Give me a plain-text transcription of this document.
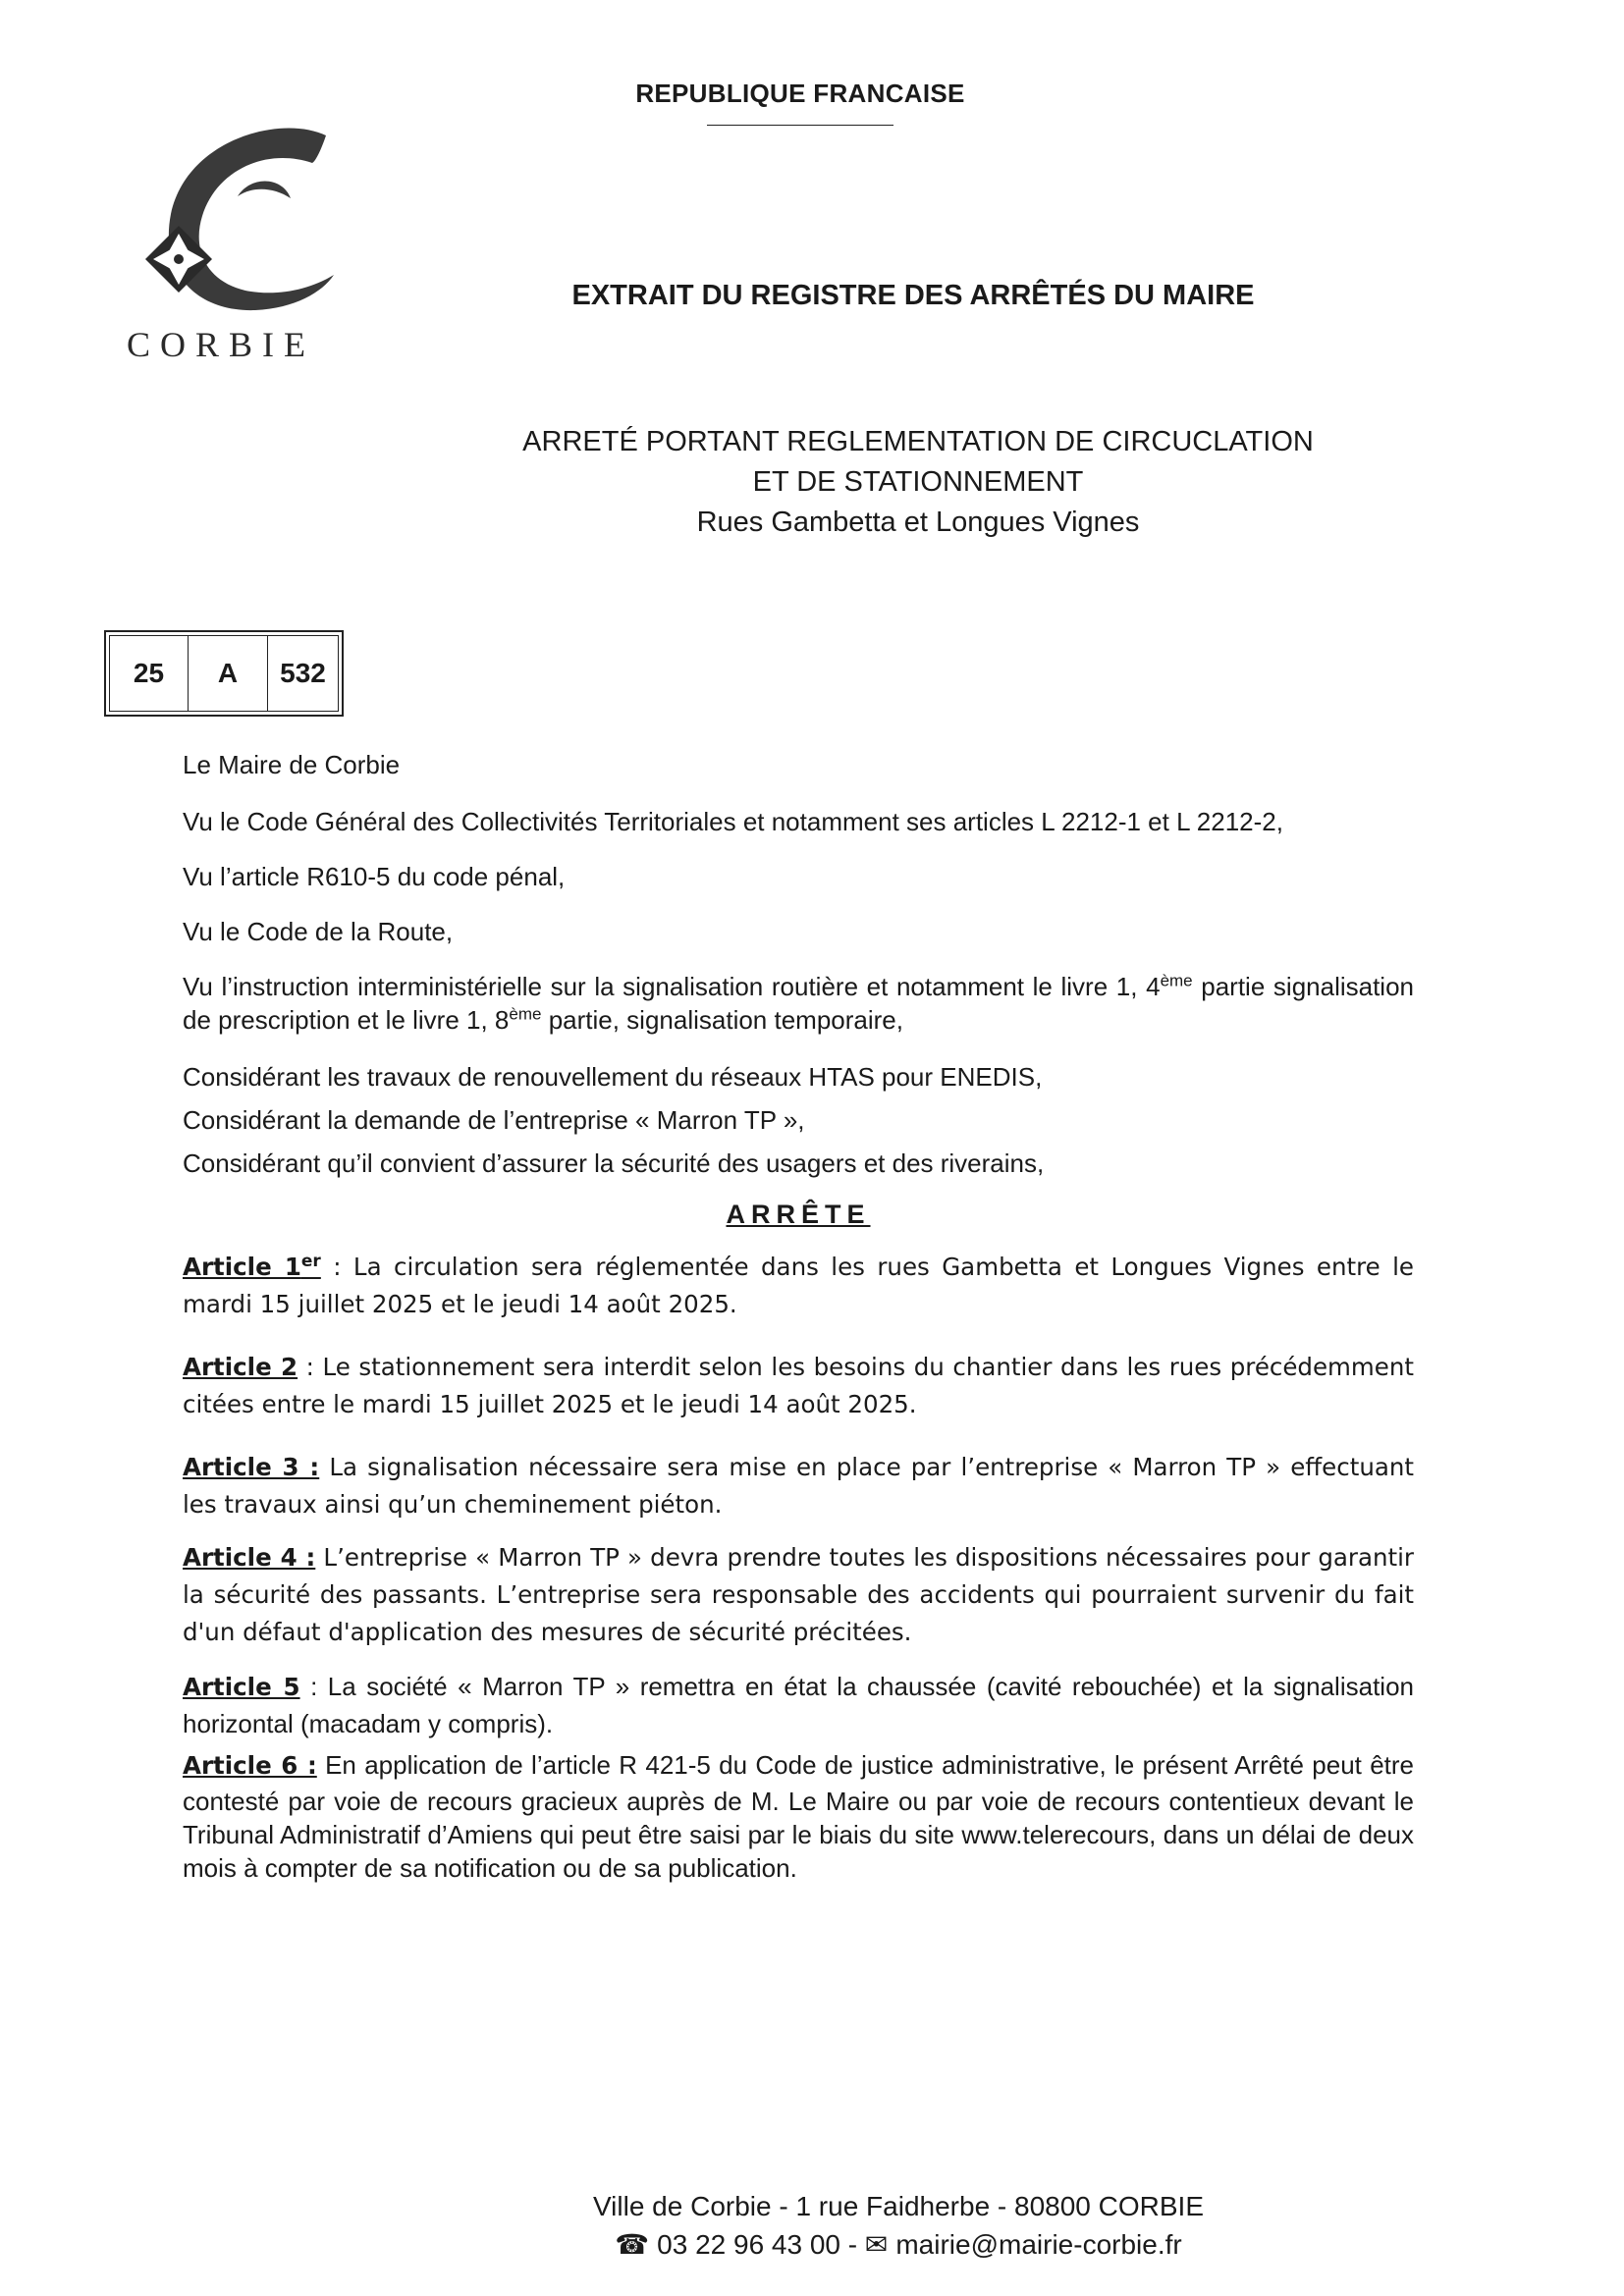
REPUBLIQUE FRANCAISE
CORBIE
EXTRAIT DU REGISTRE DES ARRÊTÉS DU MAIRE
ARRETÉ PORTANT REGLEMENTATION DE CIRCUCLATION
ET DE STATIONNEMENT
Rues Gambetta et Longues Vignes
25	A	532
Le Maire de Corbie
Vu le Code Général des Collectivités Territoriales et notamment ses articles L 2212-1 et L 2212-2,
Vu l’article R610-5 du code pénal,
Vu le Code de la Route,
Vu l’instruction interministérielle sur la signalisation routière et notamment le livre 1, 4ème partie signalisation de prescription et le livre 1, 8ème partie, signalisation temporaire,
Considérant les travaux de renouvellement du réseaux HTAS pour ENEDIS,
Considérant la demande de l’entreprise « Marron TP »,
Considérant qu’il convient d’assurer la sécurité des usagers et des riverains,
ARRÊTE
Article 1er : La circulation sera réglementée dans les rues Gambetta et Longues Vignes entre le mardi 15 juillet 2025 et le jeudi 14 août 2025.
Article 2 : Le stationnement sera interdit selon les besoins du chantier dans les rues précédemment citées entre le mardi 15 juillet 2025 et le jeudi 14 août 2025.
Article 3 : La signalisation nécessaire sera mise en place par l’entreprise « Marron TP » effectuant les travaux ainsi qu’un cheminement piéton.
Article 4 : L’entreprise « Marron TP » devra prendre toutes les dispositions nécessaires pour garantir la sécurité des passants. L’entreprise sera responsable des accidents qui pourraient survenir du fait d'un défaut d'application des mesures de sécurité précitées.
Article 5 : La société « Marron TP » remettra en état la chaussée (cavité rebouchée) et la signalisation horizontal (macadam y compris).
Article 6 : En application de l’article R 421-5 du Code de justice administrative, le présent Arrêté peut être contesté par voie de recours gracieux auprès de M. Le Maire ou par voie de recours contentieux devant le Tribunal Administratif d’Amiens qui peut être saisi par le biais du site www.telerecours, dans un délai de deux mois à compter de sa notification ou de sa publication.
Ville de Corbie - 1 rue Faidherbe - 80800 CORBIE
☎ 03 22 96 43 00 - ✉ mairie@mairie-corbie.fr
